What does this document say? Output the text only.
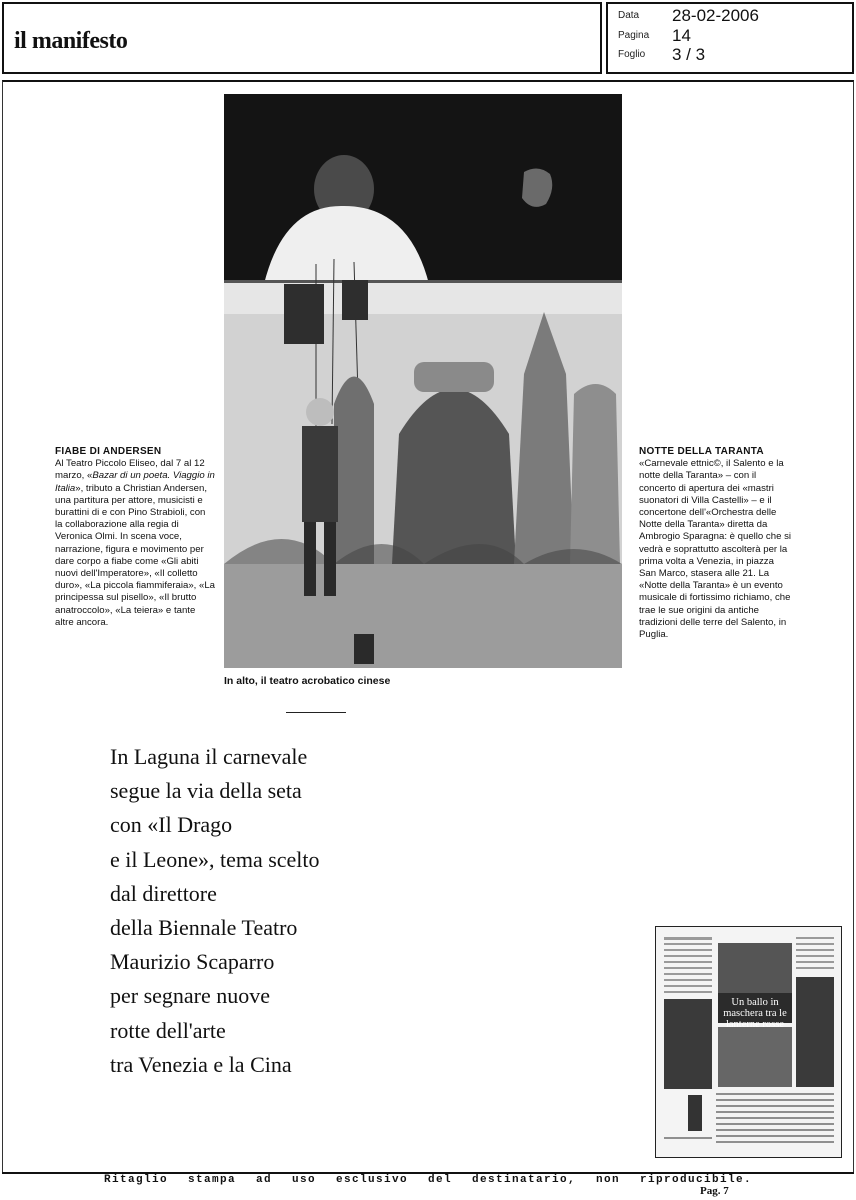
il manifesto
Data 28-02-2006
Pagina 14
Foglio 3 / 3
In alto, il teatro acrobatico cinese
FIABE DI ANDERSEN

Al Teatro Piccolo Eliseo, dal 7 al 12 marzo, «Bazar di un poeta. Viaggio in Italia», tributo a Christian Andersen, una partitura per attore, musicisti e burattini di e con Pino Strabioli, con la collaborazione alla regia di Veronica Olmi. In scena voce, narrazione, figura e movimento per dare corpo a fiabe come «Gli abiti nuovi dell'Imperatore», «Il colletto duro», «La piccola fiammiferaia», «La principessa sul pisello», «Il brutto anatroccolo», «La teiera» e tante altre ancora.

NOTTE DELLA TARANTA

«Carnevale ettnic©, il Salento e la notte della Taranta» – con il concerto di apertura dei «mastri suonatori di Villa Castelli» – e il concertone dell'«Orchestra delle Notte della Taranta» diretta da Ambrogio Sparagna: è quello che si vedrà e soprattutto ascolterà per la prima volta a Venezia, in piazza San Marco, stasera alle 21. La «Notte della Taranta» è un evento musicale di fortissimo richiamo, che trae le sue origini da antiche tradizioni delle terre del Salento, in Puglia.

In Laguna il carnevale
segue la via della seta
con «Il Drago
e il Leone», tema scelto
dal direttore
della Biennale Teatro
Maurizio Scaparro
per segnare nuove
rotte dell'arte
tra Venezia e la Cina
Un ballo in maschera tra le lanterne rosse
Ritaglio stampa ad uso esclusivo del destinatario, non riproducibile.
Pag. 7
